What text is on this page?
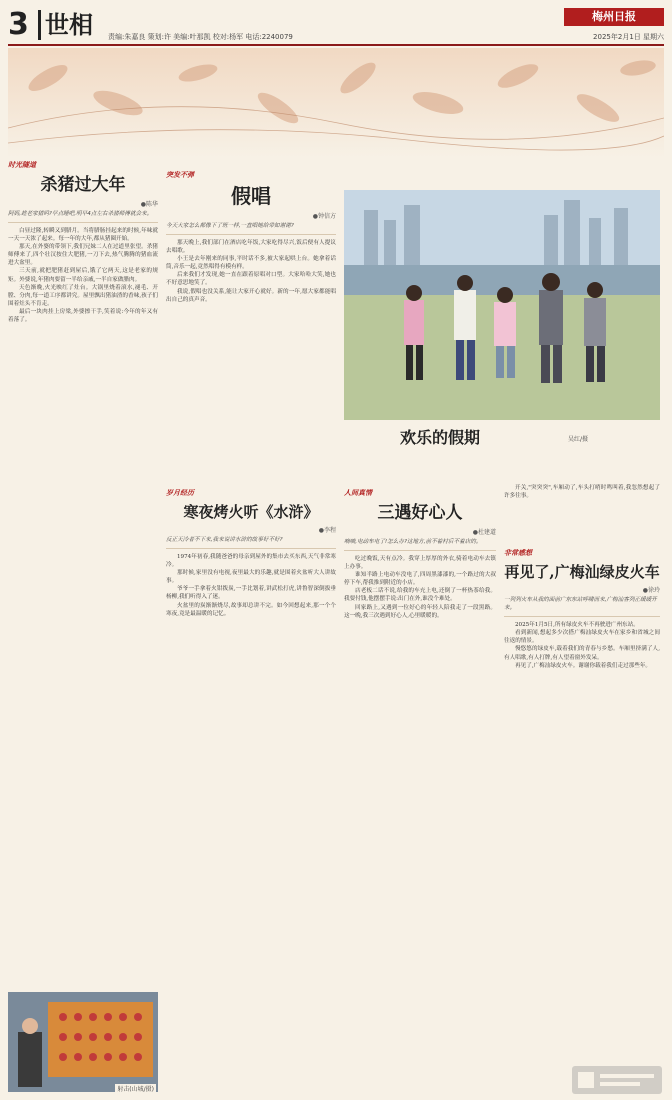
3 世相 责编:朱嘉良 策划:许 美编:叶那凯 校对:杨军 电话:2240079
梅州日报
2025年2月1日 星期六
时光隧道
杀猪过大年
●陈华
阿妈,趁老家猪吗?早点睡吧,明早4点左右杀猪师傅就会来。

白昼过隆,转瞬又到腊月。当将腊肠挂起来的时候,年味就一天一天浓了起来。每一年的大年,都从猪圈开始。

那天,在外婆的带领下,我们兄妹二人在过道里张望。杀猪师傅来了,四个壮汉按住大肥猪,一刀下去,热气腾腾的猪血流进大盆里。

三天前,就把肥猪赶到屋后,饿了它两天,这是老家的规矩。外婆说,年猪肉要留一半给亲戚,一半自家做腊肉。

天色渐晚,火光映红了灶台。大锅里烧着滚水,褪毛、开膛、分肉,每一道工序都讲究。屋里飘出猪油渣的香味,孩子们围着灶头不肯走。

最后一块肉挂上房梁,外婆擦干手,笑着说:今年的年又有着落了。

射击(山城/摄)
突发不弹
假唱
●钟信方
今天大家怎么都像下了班一样,一直唱她给带如谢谢?

那天晚上,我们部门在酒店吃年饭,大家吃得尽兴,饭后便有人提议去唱歌。

小王是去年刚来的同事,平时话不多,被大家起哄上台。她拿着话筒,音乐一起,竟然唱得有模有样。

后来我们才发现,她一直在跟着原唱对口型。大家哈哈大笑,她也不好意思地笑了。

我说,假唱也没关系,能让大家开心就好。新的一年,愿大家都能唱出自己的真声音。

岁月经历
寒夜烤火听《水浒》
●李程
反正天冷者不下来,我来说讲水浒的故事好不好?

1974年初春,我随爸爸的母亲到屋外的集市去买东西,天气非常寒冷。

那时候,家里没有电视,夜里最大的乐趣,就是围着火盆听大人讲故事。

爷爷一手拿着火钳拨炭,一手比划着,讲武松打虎,讲鲁智深倒拔垂杨柳,我们听得入了迷。

火盆里的炭渐渐烧尽,故事却总讲不完。如今回想起来,那一个个寒夜,竟是最温暖的记忆。

欢乐的假期	吴红/摄
人间真情
三遇好心人
●杜建道
嘀嘀,电动车电了!怎么办?这地方,前不着村后不着店的。

吃过晚饭,天有点冷。我穿上厚厚的外衣,骑着电动车去镇上办事。

谁知半路上电动车没电了,四周黑漆漆的,一个路过的大叔停下车,帮我推到附近的小店。

店老板二话不说,给我的车充上电,还倒了一杯热茶给我。我要付钱,他摆摆手说:出门在外,谁没个难处。

回家路上,又遇到一位好心的年轻人陪我走了一段黑路。这一晚,我三次遇到好心人,心里暖暖的。

开关,"突突突",车厢动了,车头打哨时鸣叫着,我忽然想起了许多往事。

非常感想
再见了,广梅汕绿皮火车
●徐玲
一列列火车从我的面前广东东站呼啸而来,广梅汕客列正缓缓开来。

2025年1月5日,所有绿皮火车不再驶进广州东站。

看到新闻,想起多少次搭广梅汕绿皮火车在家乡和省城之间往返的情景。

慢悠悠的绿皮车,载着我们的青春与乡愁。车厢里挤满了人,有人唱歌,有人打牌,有人望着窗外发呆。

再见了,广梅汕绿皮火车。谢谢你载着我们走过那些年。
